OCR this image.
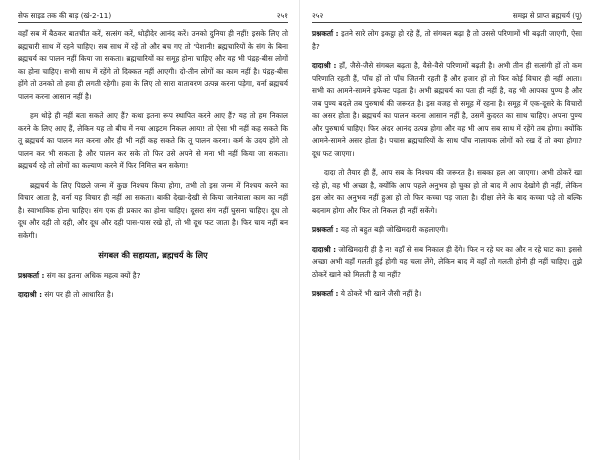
सेफ साइड तक की बाड़ (खं-2-11)	२५१

वहाँ सब में बैठकर बातचीत करें, सत्संग करें, थोड़ीदेर आनंद करें। उनको दुनिया ही नहीं! इसके लिए तो ब्रह्मचारी साथ में रहने चाहिए। सब साथ में रहें तो और बच गए तो 'पेशानी! ब्रह्मचारियों के संग के बिना ब्रह्मचर्य का पालन नहीं किया जा सकता। ब्रह्मचारियों का समूह होना चाहिए और वह भी पंद्रह-बीस लोगों का होना चाहिए। सभी साथ में रहेंगे तो दिक्कत नहीं आएगी। दो-तीन लोगों का काम नहीं है। पंद्रह-बीस होंगे तो उनको तो हवा ही लगती रहेगी। हवा के लिए तो सारा वातावरण उत्पन्न करना पड़ेगा, वर्ना ब्रह्मचर्य पालन करना आसान नहीं है।

हम थोड़े ही नहीं बता सकते आए हैं? कथा इतना रूप स्थापित करने आए हैं? यह तो हम निकाल करने के लिए आए हैं, लेकिन यह तो बीच में नया आइटम निकल आया! तो ऐसा भी नहीं कह सकते कि तू ब्रह्मचर्य का पालन मत करना और ही भी नहीं कह सकते कि तू पालन करना। कर्म के उदय होंगे तो पालन कर भी सकता है और पालन कर सके तो फिर उसे अपने से मना भी नहीं किया जा सकता। ब्रह्मचर्य रहे तो लोगों का कल्याण करने में फिर निमित्त बन सकेगा!

ब्रह्मचर्य के लिए पिछले जन्म में कुछ निश्चय किया होगा, तभी तो इस जन्म में निश्चय करने का विचार आता है, वर्ना यह विचार ही नहीं आ सकता। बाकी देखा-देखी से किया जानेवाला काम का नहीं है। स्वाभाविक होना चाहिए। संग एक ही प्रकार का होना चाहिए। दूसरा संग नहीं घुसना चाहिए। दूध तो दूध और दही तो दही, और दूध और दही पास-पास रखे हों, तो भी दूध फट जाता है। फिर चाय नहीं बन सकेगी।

संगबल की सहायता, ब्रह्मचर्य के लिए

प्रश्नकर्ता : संग का इतना अधिक महत्व क्यों है?

दादाश्री : संग पर ही तो आधारित है।

२५२	समझ से प्राप्त ब्रह्मचर्य (पू)

प्रश्नकर्ता : इतने सारे लोग इकट्ठा हो रहे हैं, तो संगबल बढ़ा है तो उससे परिणामों भी बढ़ती जाएगी, ऐसा है?

दादाश्री : हाँ, जैसे-जैसे संगबल बढ़ता है, वैसे-वैसे परिणामों बढ़ती है। अभी तीन ही सत्संगी हों तो कम परिणाति रहती हैं, पाँच हों तो पाँच जितनी रहती हैं और हजार हों तो फिर कोई विचार ही नहीं आता। सभी का आमने-सामने इफेक्ट पड़ता है। अभी ब्रह्मचर्य का पता ही नहीं है, वह भी आपका पुण्य है और जब पुण्य बदले तब पुरुषार्थ की जरूरत है। इस वजह से समूह में रहना है। समूह में एक-दूसरे के विचारों का असर होता है। ब्रह्मचर्य का पालन करना आसान नहीं है, उसमें कुदरत का साथ चाहिए। अपना पुण्य और पुरुषार्थ चाहिए। फिर अंदर आनंद उत्पन्न होगा और वह भी आप सब साथ में रहेंगे तब होगा। क्योंकि आमने-सामने असर होता है। पचास ब्रह्मचारियों के साथ पाँच नालायक लोगों को रख दें तो क्या होगा? दूध फट जाएगा।

दादा तो तैयार ही हैं, आप सब के निश्चय की जरूरत है। सबका हल आ जाएगा। अभी ठोकरें खा रहे हो, वह भी अच्छा है, क्योंकि आप पहले अनुभव हो चुका हो तो बाद में आप देखोगे ही नहीं, लेकिन इस ओर का अनुभव नहीं हुआ हो तो फिर कच्चा पड़ जाता है। दीक्षा लेने के बाद कच्चा पड़े तो बल्कि बदनाम होगा और फिर तो निकल ही नहीं सकेंगे।

प्रश्नकर्ता : यह तो बहुत बड़ी जोखिमदारी कहलाएगी।

दादाश्री : जोखिमदारी ही है न! वहाँ से सब निकाल ही देंगे। फिर न रहे घर का और न रहे घाट का! इससे अच्छा अभी वहाँ गलती हुई होगी यह चला लेंगे, लेकिन बाद में वहाँ तो गलती होनी ही नहीं चाहिए। तुझे ठोकरें खाने को मिलती है या नहीं?

प्रश्नकर्ता : ये ठोकरें भी खाने जैसी नहीं है।
